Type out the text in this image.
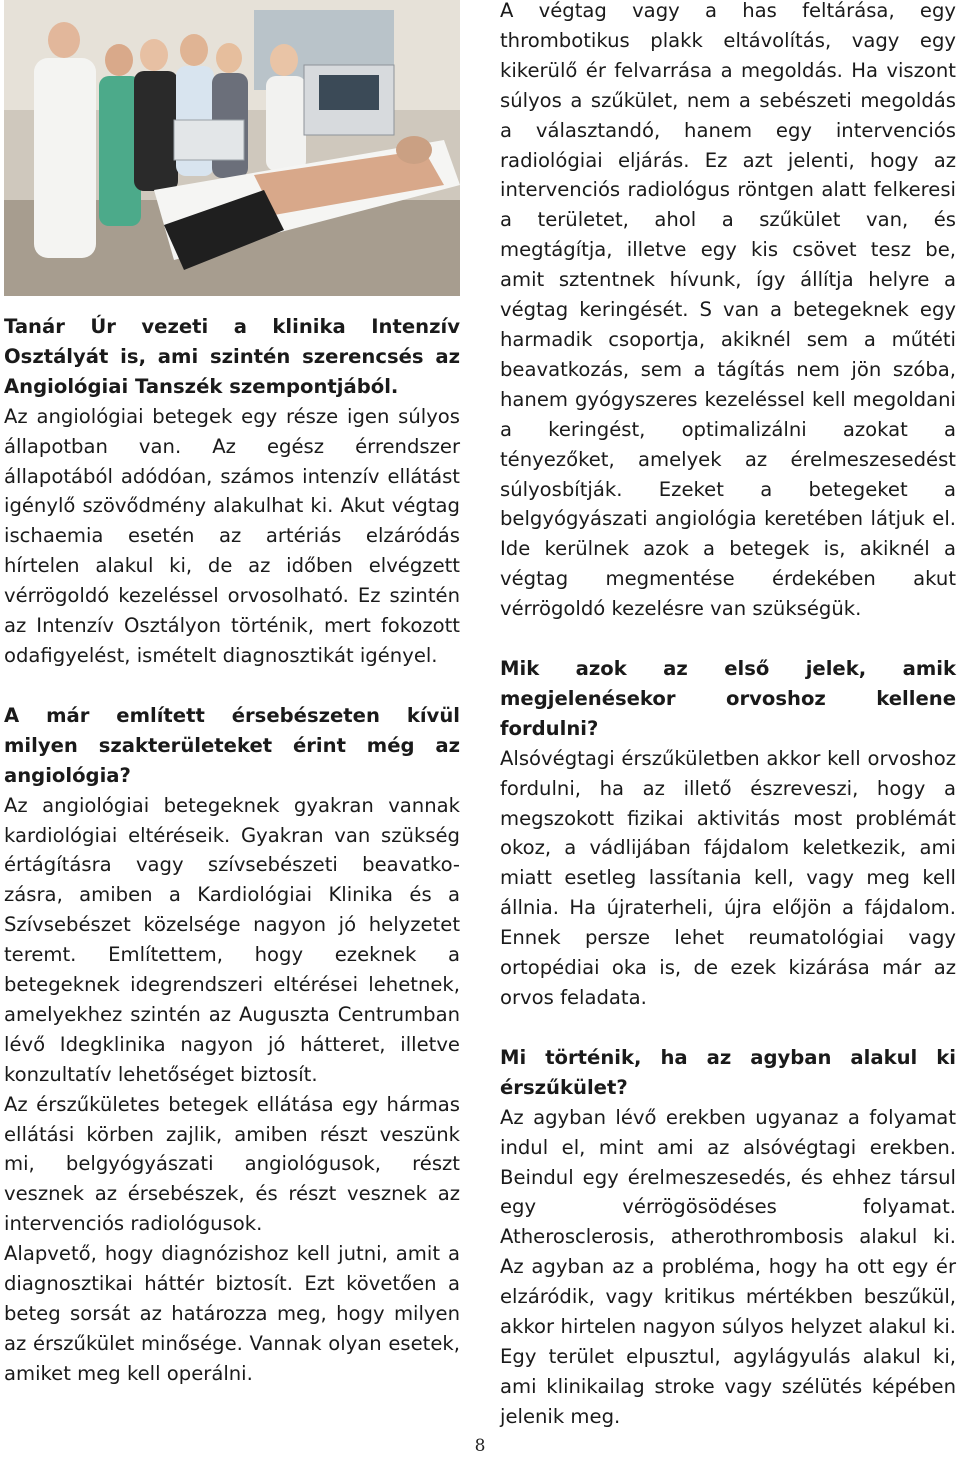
Tanár Úr vezeti a klinika Intenzív Osztályát is, ami szintén szerencsés az Angiológiai Tanszék szempontjából.

Az angiológiai betegek egy része igen súlyos állapotban van. Az egész érrendszer állapotából adódóan, számos intenzív ellátást igénylő szövődmény alakulhat ki. Akut végtag ischaemia esetén az artériás elzáródás hírtelen alakul ki, de az időben elvégzett vérrögoldó kezeléssel orvosolható. Ez szintén az Intenzív Osztályon történik, mert fokozott odafigyelést, ismételt diagnosztikát igényel.

A már említett érsebészeten kívül milyen szakterületeket érint még az angiológia?

Az angiológiai betegeknek gyakran vannak kardiológiai eltéréseik. Gyakran van szükség értágításra vagy szívsebészeti beavatko-zásra, amiben a Kardiológiai Klinika és a Szívsebészet közelsége nagyon jó helyzetet teremt. Említettem, hogy ezeknek a betegeknek idegrendszeri eltérései lehetnek, amelyekhez szintén az Auguszta Centrumban lévő Idegklinika nagyon jó hátteret, illetve konzultatív lehetőséget biztosít.

Az érszűkületes betegek ellátása egy hármas ellátási körben zajlik, amiben részt veszünk mi, belgyógyászati angiológusok, részt vesznek az érsebészek, és részt vesznek az intervenciós radiológusok.

Alapvető, hogy diagnózishoz kell jutni, amit a diagnosztikai háttér biztosít. Ezt követően a beteg sorsát az határozza meg, hogy milyen az érszűkület minősége. Vannak olyan esetek, amiket meg kell operálni.

A végtag vagy a has feltárása, egy thrombotikus plakk eltávolítás, vagy egy kikerülő ér felvarrása a megoldás. Ha viszont súlyos a szűkület, nem a sebészeti megoldás a választandó, hanem egy intervenciós radiológiai eljárás. Ez azt jelenti, hogy az intervenciós radiológus röntgen alatt felkeresi a területet, ahol a szűkület van, és megtágítja, illetve egy kis csövet tesz be, amit sztentnek hívunk, így állítja helyre a végtag keringését. S van a betegeknek egy harmadik csoportja, akiknél sem a műtéti beavatkozás, sem a tágítás nem jön szóba, hanem gyógyszeres kezeléssel kell megoldani a keringést, optimalizálni azokat a tényezőket, amelyek az érelmeszesedést súlyosbítják. Ezeket a betegeket a belgyógyászati angiológia keretében látjuk el. Ide kerülnek azok a betegek is, akiknél a végtag megmentése érdekében akut vérrögoldó kezelésre van szükségük.

Mik azok az első jelek, amik megjelenésekor orvoshoz kellene fordulni?

Alsóvégtagi érszűkületben akkor kell orvoshoz fordulni, ha az illető észreveszi, hogy a megszokott fizikai aktivitás most problémát okoz, a vádlijában fájdalom keletkezik, ami miatt esetleg lassítania kell, vagy meg kell állnia. Ha újraterheli, újra előjön a fájdalom. Ennek persze lehet reumatológiai vagy ortopédiai oka is, de ezek kizárása már az orvos feladata.

Mi történik, ha az agyban alakul ki érszűkület?

Az agyban lévő erekben ugyanaz a folyamat indul el, mint ami az alsóvégtagi erekben. Beindul egy érelmeszesedés, és ehhez társul egy vérrögösödéses folyamat. Atherosclerosis, atherothrombosis alakul ki. Az agyban az a probléma, hogy ha ott egy ér elzáródik, vagy kritikus mértékben beszűkül, akkor hirtelen nagyon súlyos helyzet alakul ki. Egy terület elpusztul, agylágyulás alakul ki, ami klinikailag stroke vagy szélütés képében jelenik meg.

8
